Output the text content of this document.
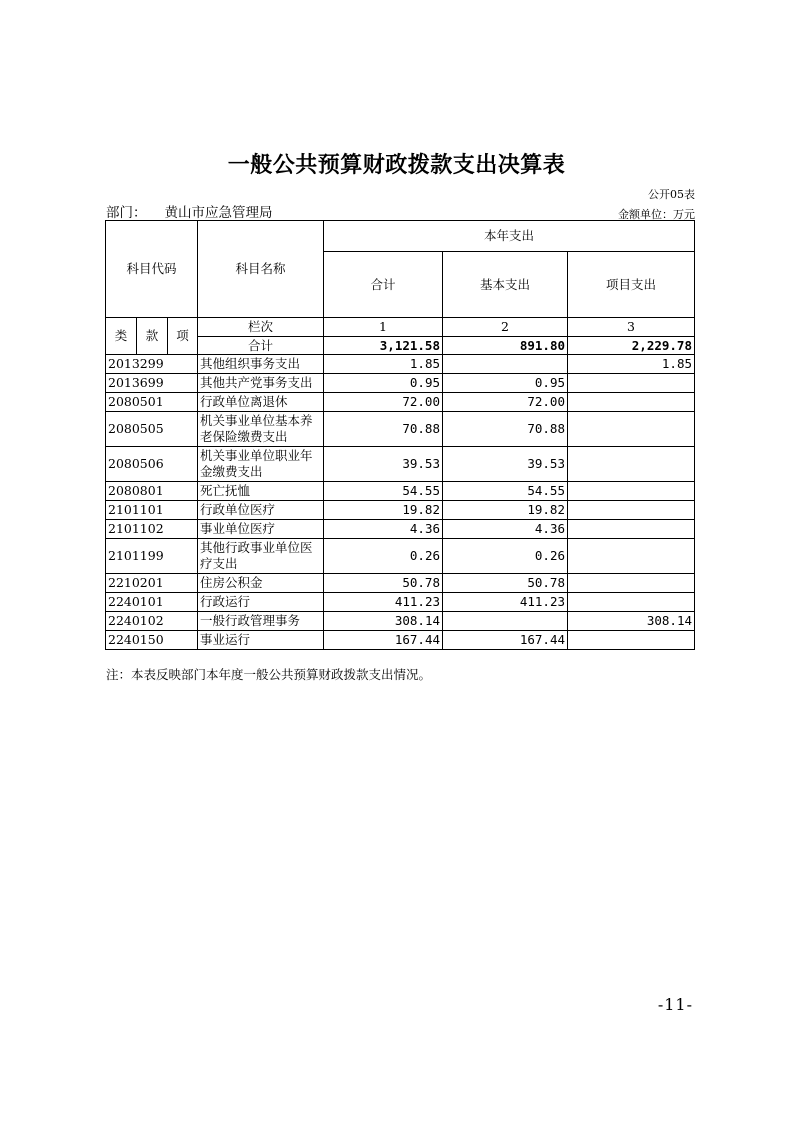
一般公共预算财政拨款支出决算表
公开05表
部门： 黄山市应急管理局	金额单位：万元
科目代码			科目名称	本年支出		
				合计	基本支出	项目支出
类	款	项	栏次	1	2	3
			合计	3,121.58	891.80	2,229.78
2013299			其他组织事务支出	1.85		1.85
2013699			其他共产党事务支出	0.95	0.95	
2080501			行政单位离退休	72.00	72.00	
2080505			机关事业单位基本养老保险缴费支出	70.88	70.88	
2080506			机关事业单位职业年金缴费支出	39.53	39.53	
2080801			死亡抚恤	54.55	54.55	
2101101			行政单位医疗	19.82	19.82	
2101102			事业单位医疗	4.36	4.36	
2101199			其他行政事业单位医疗支出	0.26	0.26	
2210201			住房公积金	50.78	50.78	
2240101			行政运行	411.23	411.23	
2240102			一般行政管理事务	308.14		308.14
2240150			事业运行	167.44	167.44	
注：本表反映部门本年度一般公共预算财政拨款支出情况。
-11-
